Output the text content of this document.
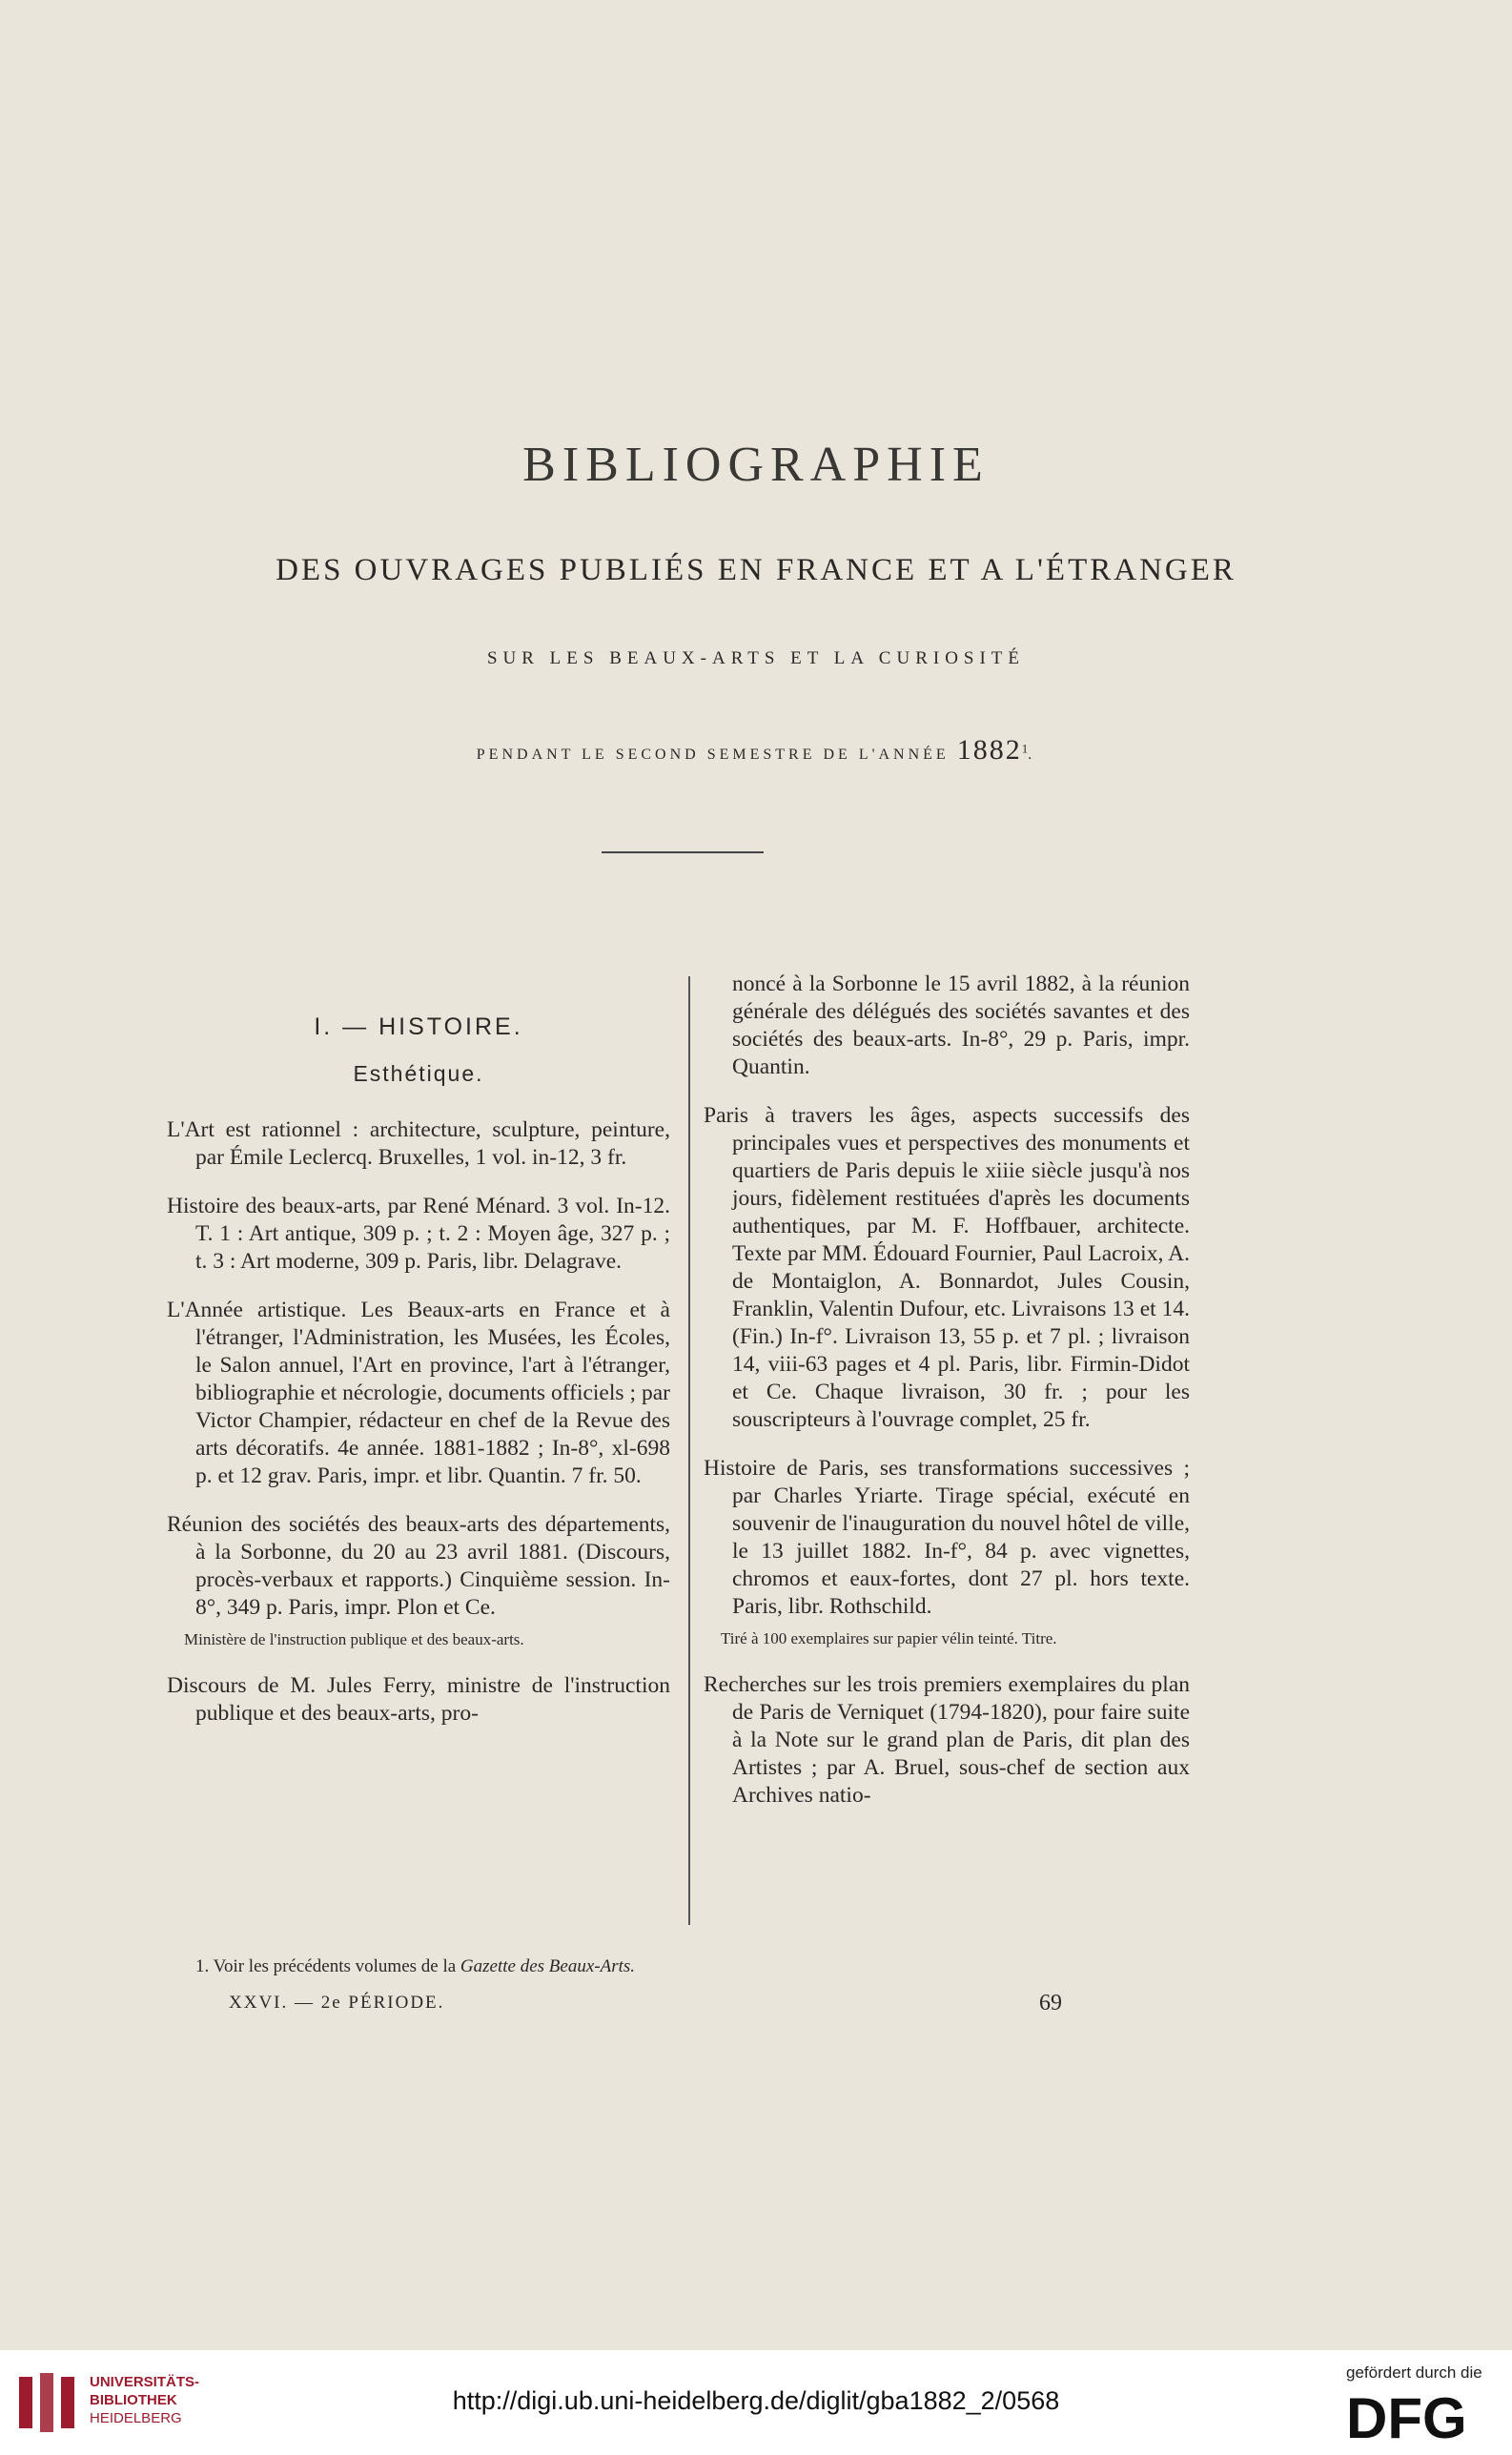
BIBLIOGRAPHIE
DES OUVRAGES PUBLIÉS EN FRANCE ET A L'ÉTRANGER
SUR LES BEAUX-ARTS ET LA CURIOSITÉ
PENDANT LE SECOND SEMESTRE DE L'ANNÉE 1882$^1$.
I. — HISTOIRE.
Esthétique.

L'Art est rationnel : architecture, sculpture, peinture, par Émile Leclercq. Bruxelles, 1 vol. in-12, 3 fr.

Histoire des beaux-arts, par René Ménard. 3 vol. In-12. T. 1 : Art antique, 309 p. ; t. 2 : Moyen âge, 327 p. ; t. 3 : Art moderne, 309 p. Paris, libr. Delagrave.

L'Année artistique. Les Beaux-arts en France et à l'étranger, l'Administration, les Musées, les Écoles, le Salon annuel, l'Art en province, l'art à l'étranger, bibliographie et nécrologie, documents officiels ; par Victor Champier, rédacteur en chef de la Revue des arts décoratifs. 4e année. 1881-1882 ; In-8°, xl-698 p. et 12 grav. Paris, impr. et libr. Quantin. 7 fr. 50.

Réunion des sociétés des beaux-arts des départements, à la Sorbonne, du 20 au 23 avril 1881. (Discours, procès-verbaux et rapports.) Cinquième session. In-8°, 349 p. Paris, impr. Plon et Ce.

Ministère de l'instruction publique et des beaux-arts.

Discours de M. Jules Ferry, ministre de l'instruction publique et des beaux-arts, pro-

noncé à la Sorbonne le 15 avril 1882, à la réunion générale des délégués des sociétés savantes et des sociétés des beaux-arts. In-8°, 29 p. Paris, impr. Quantin.

Paris à travers les âges, aspects successifs des principales vues et perspectives des monuments et quartiers de Paris depuis le xiiie siècle jusqu'à nos jours, fidèlement restituées d'après les documents authentiques, par M. F. Hoffbauer, architecte. Texte par MM. Édouard Fournier, Paul Lacroix, A. de Montaiglon, A. Bonnardot, Jules Cousin, Franklin, Valentin Dufour, etc. Livraisons 13 et 14. (Fin.) In-f°. Livraison 13, 55 p. et 7 pl. ; livraison 14, viii-63 pages et 4 pl. Paris, libr. Firmin-Didot et Ce. Chaque livraison, 30 fr. ; pour les souscripteurs à l'ouvrage complet, 25 fr.

Histoire de Paris, ses transformations successives ; par Charles Yriarte. Tirage spécial, exécuté en souvenir de l'inauguration du nouvel hôtel de ville, le 13 juillet 1882. In-f°, 84 p. avec vignettes, chromos et eaux-fortes, dont 27 pl. hors texte. Paris, libr. Rothschild.

Tiré à 100 exemplaires sur papier vélin teinté. Titre.

Recherches sur les trois premiers exemplaires du plan de Paris de Verniquet (1794-1820), pour faire suite à la Note sur le grand plan de Paris, dit plan des Artistes ; par A. Bruel, sous-chef de section aux Archives natio-

1. Voir les précédents volumes de la Gazette des Beaux-Arts.
XXVI. — 2e PÉRIODE.	69
UNIVERSITÄTS-
BIBLIOTHEK
HEIDELBERG
http://digi.ub.uni-heidelberg.de/diglit/gba1882_2/0568
gefördert durch die
DFG
